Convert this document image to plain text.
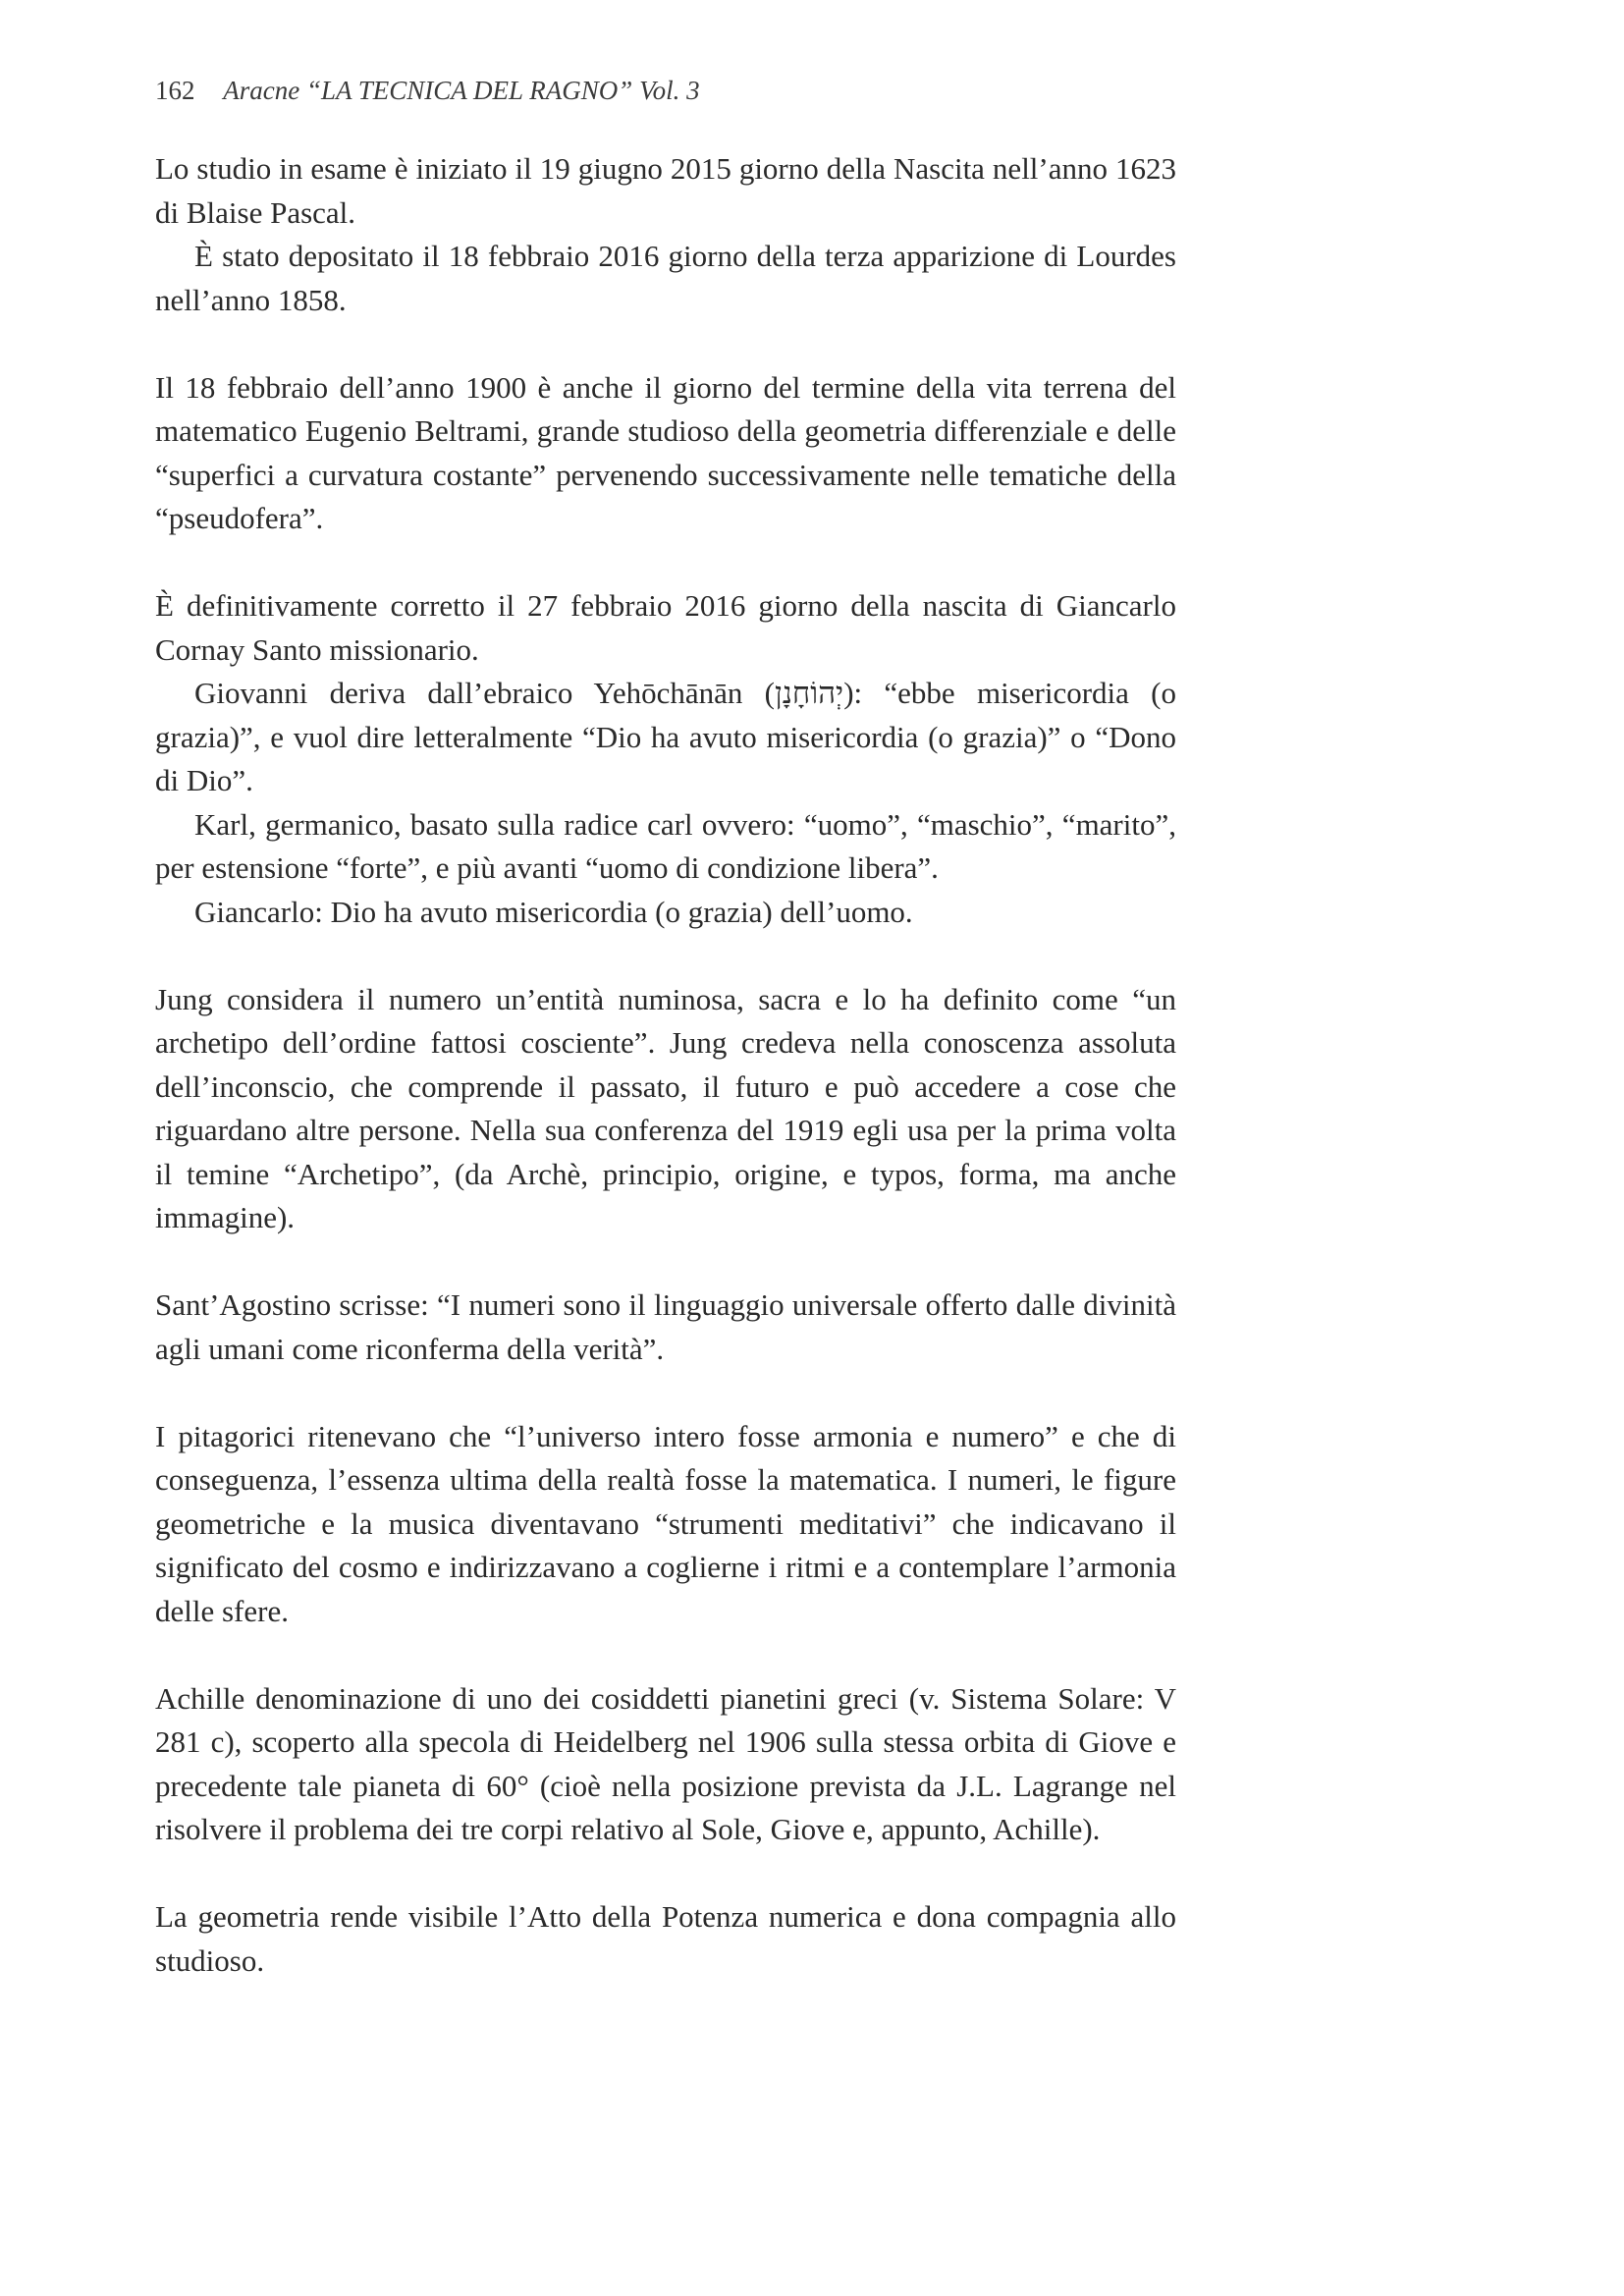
162 Aracne “LA TECNICA DEL RAGNO” Vol. 3

Lo studio in esame è iniziato il 19 giugno 2015 giorno della Nascita nell’anno 1623 di Blaise Pascal.

È stato depositato il 18 febbraio 2016 giorno della terza apparizione di Lourdes nell’anno 1858.

Il 18 febbraio dell’anno 1900 è anche il giorno del termine della vita terrena del matematico Eugenio Beltrami, grande studioso della geometria differenziale e delle “superfici a curvatura costante” pervenendo successivamente nelle tematiche della “pseudofera”.

È definitivamente corretto il 27 febbraio 2016 giorno della nascita di Giancarlo Cornay Santo missionario.

Giovanni deriva dall’ebraico Yehōchānān (יְהוֹחָנָן): “ebbe misericordia (o grazia)”, e vuol dire letteralmente “Dio ha avuto misericordia (o grazia)” o “Dono di Dio”.

Karl, germanico, basato sulla radice carl ovvero: “uomo”, “maschio”, “marito”, per estensione “forte”, e più avanti “uomo di condizione libera”.

Giancarlo: Dio ha avuto misericordia (o grazia) dell’uomo.

Jung considera il numero un’entità numinosa, sacra e lo ha definito come “un archetipo dell’ordine fattosi cosciente”. Jung credeva nella conoscenza assoluta dell’inconscio, che comprende il passato, il futuro e può accedere a cose che riguardano altre persone. Nella sua conferenza del 1919 egli usa per la prima volta il temine “Archetipo”, (da Archè, principio, origine, e typos, forma, ma anche immagine).

Sant’Agostino scrisse: “I numeri sono il linguaggio universale offerto dalle divinità agli umani come riconferma della verità”.

I pitagorici ritenevano che “l’universo intero fosse armonia e numero” e che di conseguenza, l’essenza ultima della realtà fosse la matematica. I numeri, le figure geometriche e la musica diventavano “strumenti meditativi” che indicavano il significato del cosmo e indirizzavano a coglierne i ritmi e a contemplare l’armonia delle sfere.

Achille denominazione di uno dei cosiddetti pianetini greci (v. Sistema Solare: V 281 c), scoperto alla specola di Heidelberg nel 1906 sulla stessa orbita di Giove e precedente tale pianeta di 60° (cioè nella posizione prevista da J.L. Lagrange nel risolvere il problema dei tre corpi relativo al Sole, Giove e, appunto, Achille).

La geometria rende visibile l’Atto della Potenza numerica e dona compagnia allo studioso.
